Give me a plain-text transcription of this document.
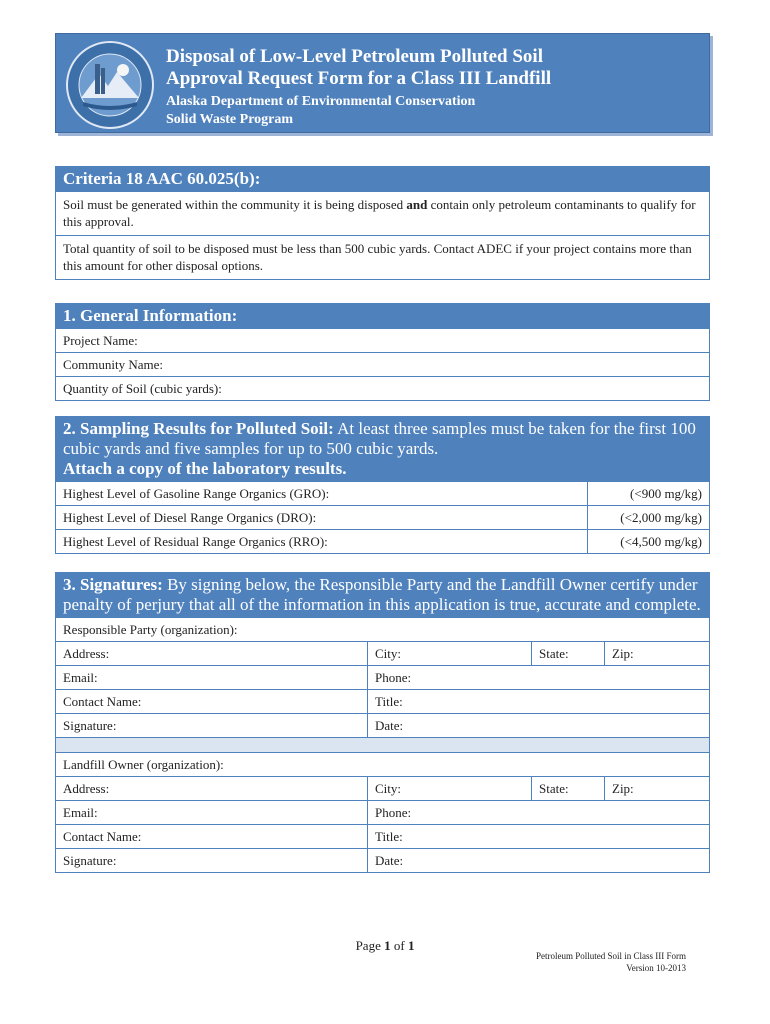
Disposal of Low-Level Petroleum Polluted Soil
Approval Request Form for a Class III Landfill
Alaska Department of Environmental Conservation
Solid Waste Program
Criteria 18 AAC 60.025(b):
Soil must be generated within the community it is being disposed and contain only petroleum contaminants to qualify for this approval.
Total quantity of soil to be disposed must be less than 500 cubic yards. Contact ADEC if your project contains more than this amount for other disposal options.
1. General Information:
Project Name:
Community Name:
Quantity of Soil (cubic yards):
2. Sampling Results for Polluted Soil: At least three samples must be taken for the first 100 cubic yards and five samples for up to 500 cubic yards.
Attach a copy of the laboratory results.
Highest Level of Gasoline Range Organics (GRO):	(<900 mg/kg)
Highest Level of Diesel Range Organics (DRO):	(<2,000 mg/kg)
Highest Level of Residual Range Organics (RRO):	(<4,500 mg/kg)
3. Signatures: By signing below, the Responsible Party and the Landfill Owner certify under penalty of perjury that all of the information in this application is true, accurate and complete.
Responsible Party (organization):
Address:	City:	State:	Zip:
Email:	Phone:
Contact Name:	Title:
Signature:	Date:
Landfill Owner (organization):
Address:	City:	State:	Zip:
Email:	Phone:
Contact Name:	Title:
Signature:	Date:
Page 1 of 1
Petroleum Polluted Soil in Class III Form
Version 10-2013
